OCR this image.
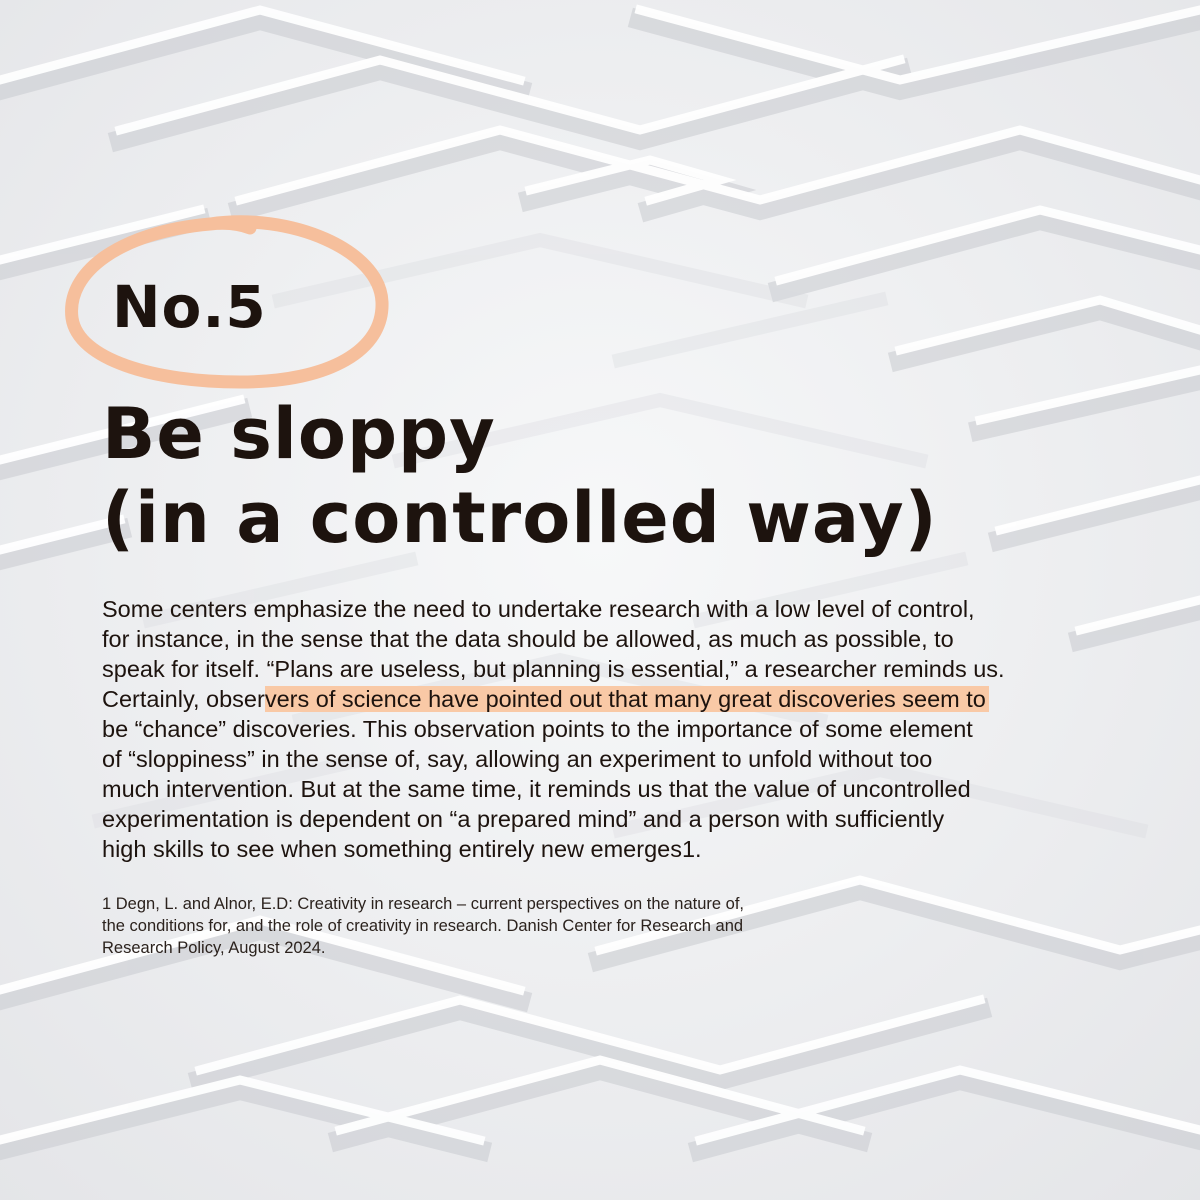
No.5
Be sloppy
(in a controlled way)

Some centers emphasize the need to undertake research with a low level of control,
for instance, in the sense that the data should be allowed, as much as possible, to
speak for itself. “Plans are useless, but planning is essential,” a researcher reminds us.
Certainly, observers of science have pointed out that many great discoveries seem to
be “chance” discoveries. This observation points to the importance of some element
of “sloppiness” in the sense of, say, allowing an experiment to unfold without too
much intervention. But at the same time, it reminds us that the value of uncontrolled
experimentation is dependent on “a prepared mind” and a person with sufficiently
high skills to see when something entirely new emerges1.

1 Degn, L. and Alnor, E.D: Creativity in research – current perspectives on the nature of,
the conditions for, and the role of creativity in research. Danish Center for Research and
Research Policy, August 2024.
